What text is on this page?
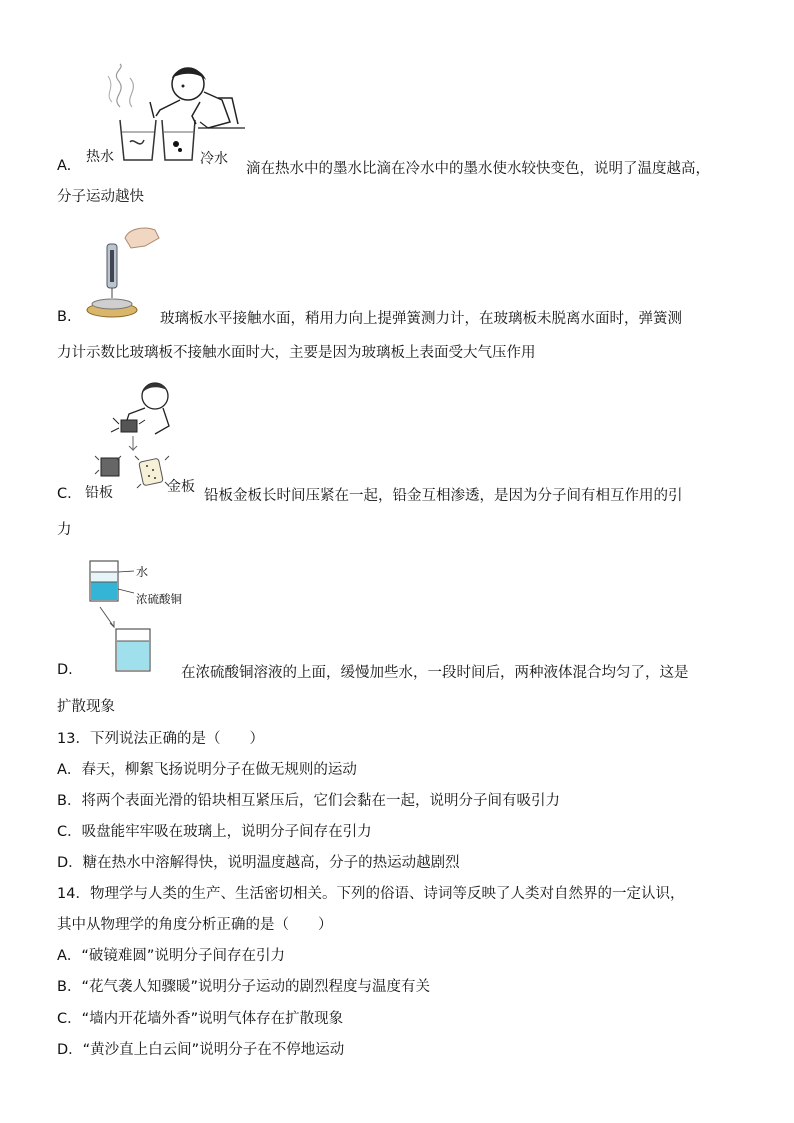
热水	冷水
A.	滴在热水中的墨水比滴在冷水中的墨水使水较快变色，说明了温度越高，
分子运动越快
B.	玻璃板水平接触水面，稍用力向上提弹簧测力计，在玻璃板未脱离水面时，弹簧测
力计示数比玻璃板不接触水面时大，主要是因为玻璃板上表面受大气压作用
铅板	金板
C.	铅板金板长时间压紧在一起，铅金互相渗透，是因为分子间有相互作用的引
力
水
浓硫酸铜
D.	在浓硫酸铜溶液的上面，缓慢加些水，一段时间后，两种液体混合均匀了，这是
扩散现象
13．下列说法正确的是（　　）
A．春天，柳絮飞扬说明分子在做无规则的运动
B．将两个表面光滑的铅块相互紧压后，它们会黏在一起，说明分子间有吸引力
C．吸盘能牢牢吸在玻璃上，说明分子间存在引力
D．糖在热水中溶解得快，说明温度越高，分子的热运动越剧烈
14．物理学与人类的生产、生活密切相关。下列的俗语、诗词等反映了人类对自然界的一定认识，
其中从物理学的角度分析正确的是（　　）
A．“破镜难圆”说明分子间存在引力
B．“花气袭人知骤暖”说明分子运动的剧烈程度与温度有关
C．“墙内开花墙外香”说明气体存在扩散现象
D．“黄沙直上白云间”说明分子在不停地运动
